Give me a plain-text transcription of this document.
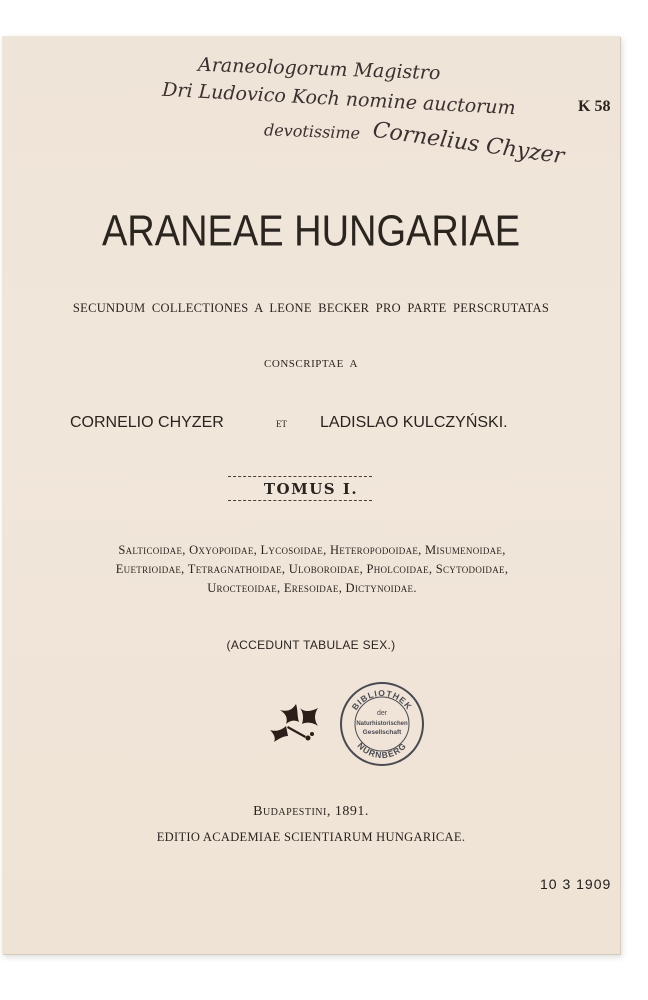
Araneologorum Magistro
Dri Ludovico Koch nomine auctorum
devotissime Cornelius Chyzer
K 58
ARANEAE HUNGARIAE
SECUNDUM COLLECTIONES A LEONE BECKER PRO PARTE PERSCRUTATAS
CONSCRIPTAE A
CORNELIO CHYZER	ET LADISLAO KULCZYŃSKI.
TOMUS I.
Salticoidae, Oxyopoidae, Lycosoidae, Heteropodoidae, Misumenoidae,
Euetrioidae, Tetragnathoidae, Uloboroidae, Pholcoidae, Scytodoidae,
Urocteoidae, Eresoidae, Dictynoidae.
(ACCEDUNT TABULAE SEX.)
BIBLIOTHEK
NÜRNBERG
der
Naturhistorischen
Gesellschaft
Budapestini, 1891.
EDITIO ACADEMIAE SCIENTIARUM HUNGARICAE.
10 3 1909
